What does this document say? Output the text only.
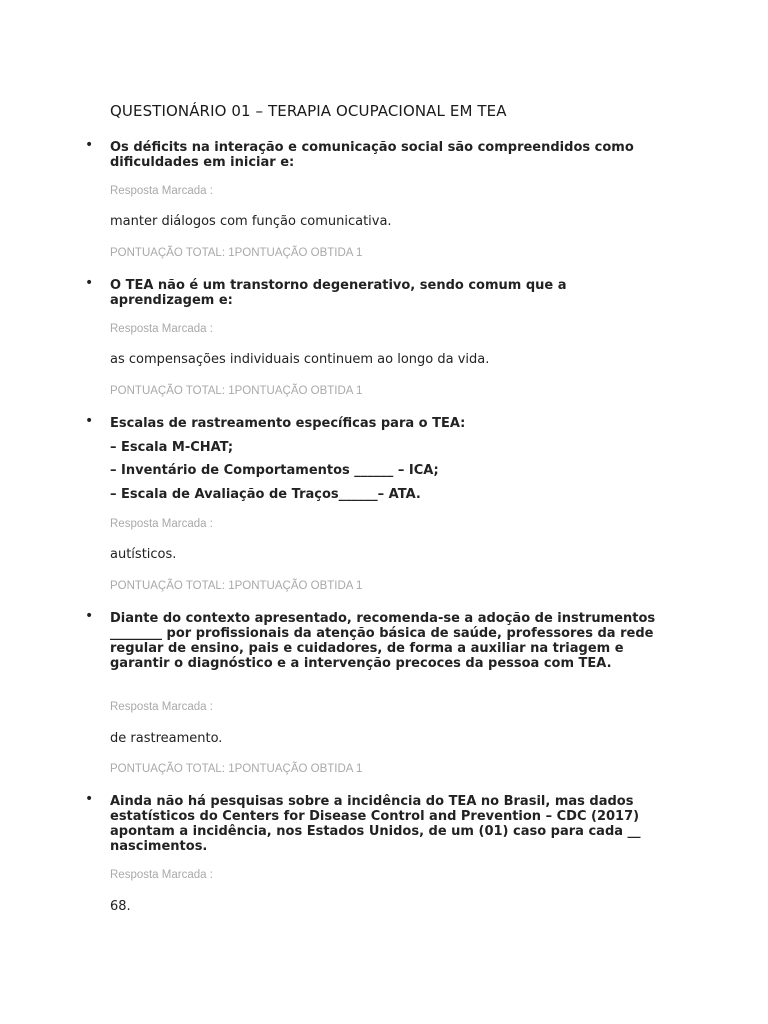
QUESTIONÁRIO 01 – TERAPIA OCUPACIONAL EM TEA
• Os déficits na interação e comunicação social são compreendidos como dificuldades em iniciar e:

Resposta Marcada :
manter diálogos com função comunicativa.
PONTUAÇÃO TOTAL: 1PONTUAÇÃO OBTIDA 1
• O TEA não é um transtorno degenerativo, sendo comum que a aprendizagem e:

Resposta Marcada :
as compensações individuais continuem ao longo da vida.
PONTUAÇÃO TOTAL: 1PONTUAÇÃO OBTIDA 1
• Escalas de rastreamento específicas para o TEA:
– Escala M-CHAT;
– Inventário de Comportamentos ______ – ICA;
– Escala de Avaliação de Traços______– ATA.
Resposta Marcada :
autísticos.
PONTUAÇÃO TOTAL: 1PONTUAÇÃO OBTIDA 1
• Diante do contexto apresentado, recomenda-se a adoção de instrumentos ________ por profissionais da atenção básica de saúde, professores da rede regular de ensino, pais e cuidadores, de forma a auxiliar na triagem e garantir o diagnóstico e a intervenção precoces da pessoa com TEA.

Resposta Marcada :
de rastreamento.
PONTUAÇÃO TOTAL: 1PONTUAÇÃO OBTIDA 1
• Ainda não há pesquisas sobre a incidência do TEA no Brasil, mas dados estatísticos do Centers for Disease Control and Prevention – CDC (2017) apontam a incidência, nos Estados Unidos, de um (01) caso para cada __ nascimentos.

Resposta Marcada :
68.
